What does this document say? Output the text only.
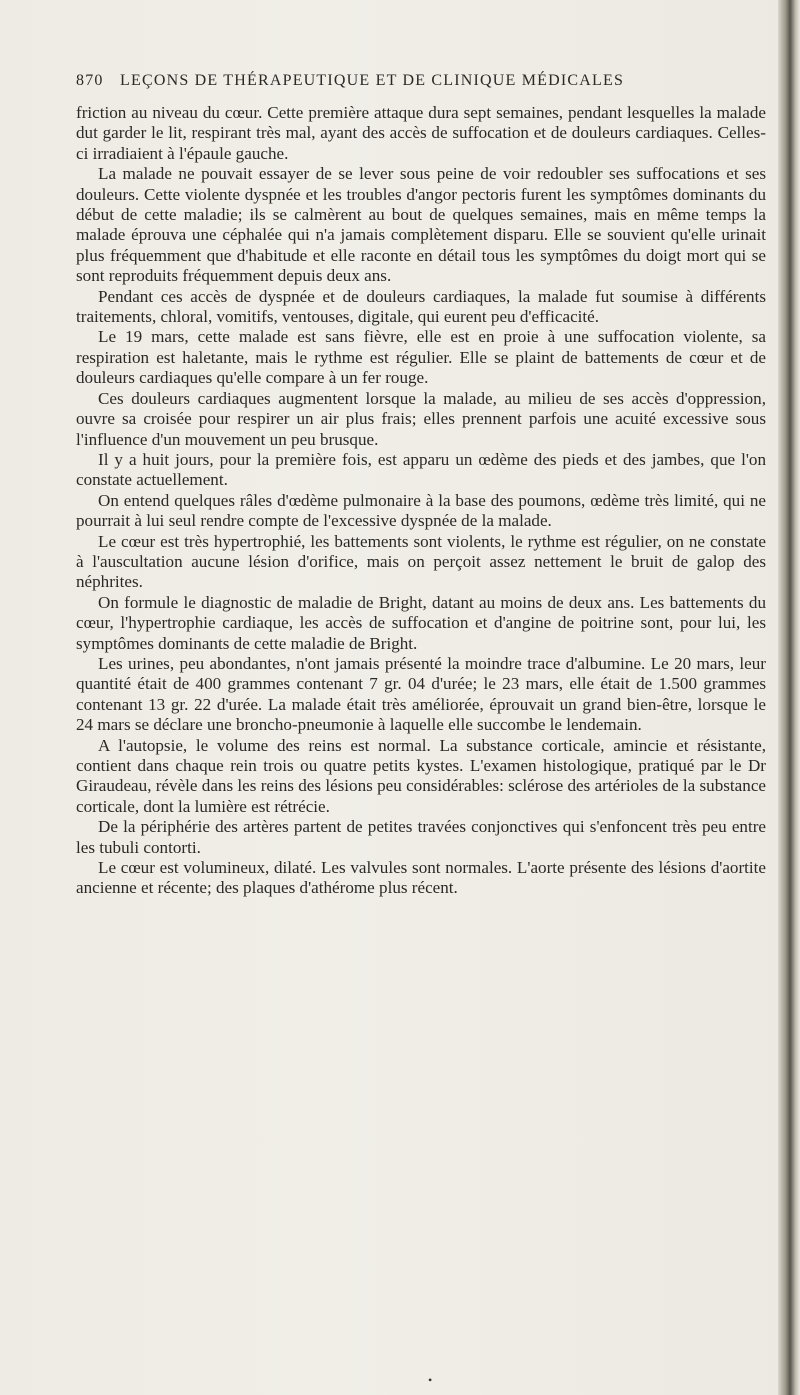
870 LEÇONS DE THÉRAPEUTIQUE ET DE CLINIQUE MÉDICALES

friction au niveau du cœur. Cette première attaque dura sept semaines, pendant lesquelles la malade dut garder le lit, respirant très mal, ayant des accès de suffocation et de douleurs cardiaques. Celles-ci irradiaient à l'épaule gauche.

La malade ne pouvait essayer de se lever sous peine de voir redoubler ses suffocations et ses douleurs. Cette violente dyspnée et les troubles d'angor pectoris furent les symptômes dominants du début de cette maladie; ils se calmèrent au bout de quelques semaines, mais en même temps la malade éprouva une céphalée qui n'a jamais complètement disparu. Elle se souvient qu'elle urinait plus fréquemment que d'habitude et elle raconte en détail tous les symptômes du doigt mort qui se sont reproduits fréquemment depuis deux ans.

Pendant ces accès de dyspnée et de douleurs cardiaques, la malade fut soumise à différents traitements, chloral, vomitifs, ventouses, digitale, qui eurent peu d'efficacité.

Le 19 mars, cette malade est sans fièvre, elle est en proie à une suffocation violente, sa respiration est haletante, mais le rythme est régulier. Elle se plaint de battements de cœur et de douleurs cardiaques qu'elle compare à un fer rouge.

Ces douleurs cardiaques augmentent lorsque la malade, au milieu de ses accès d'oppression, ouvre sa croisée pour respirer un air plus frais; elles prennent parfois une acuité excessive sous l'influence d'un mouvement un peu brusque.

Il y a huit jours, pour la première fois, est apparu un œdème des pieds et des jambes, que l'on constate actuellement.

On entend quelques râles d'œdème pulmonaire à la base des poumons, œdème très limité, qui ne pourrait à lui seul rendre compte de l'excessive dyspnée de la malade.

Le cœur est très hypertrophié, les battements sont violents, le rythme est régulier, on ne constate à l'auscultation aucune lésion d'orifice, mais on perçoit assez nettement le bruit de galop des néphrites.

On formule le diagnostic de maladie de Bright, datant au moins de deux ans. Les battements du cœur, l'hypertrophie cardiaque, les accès de suffocation et d'angine de poitrine sont, pour lui, les symptômes dominants de cette maladie de Bright.

Les urines, peu abondantes, n'ont jamais présenté la moindre trace d'albumine. Le 20 mars, leur quantité était de 400 grammes contenant 7 gr. 04 d'urée; le 23 mars, elle était de 1.500 grammes contenant 13 gr. 22 d'urée. La malade était très améliorée, éprouvait un grand bien-être, lorsque le 24 mars se déclare une broncho-pneumonie à laquelle elle succombe le lendemain.

A l'autopsie, le volume des reins est normal. La substance corticale, amincie et résistante, contient dans chaque rein trois ou quatre petits kystes. L'examen histologique, pratiqué par le Dr Giraudeau, révèle dans les reins des lésions peu considérables: sclérose des artérioles de la substance corticale, dont la lumière est rétrécie.

De la périphérie des artères partent de petites travées conjonctives qui s'enfoncent très peu entre les tubuli contorti.

Le cœur est volumineux, dilaté. Les valvules sont normales. L'aorte présente des lésions d'aortite ancienne et récente; des plaques d'athérome plus récent.

•
